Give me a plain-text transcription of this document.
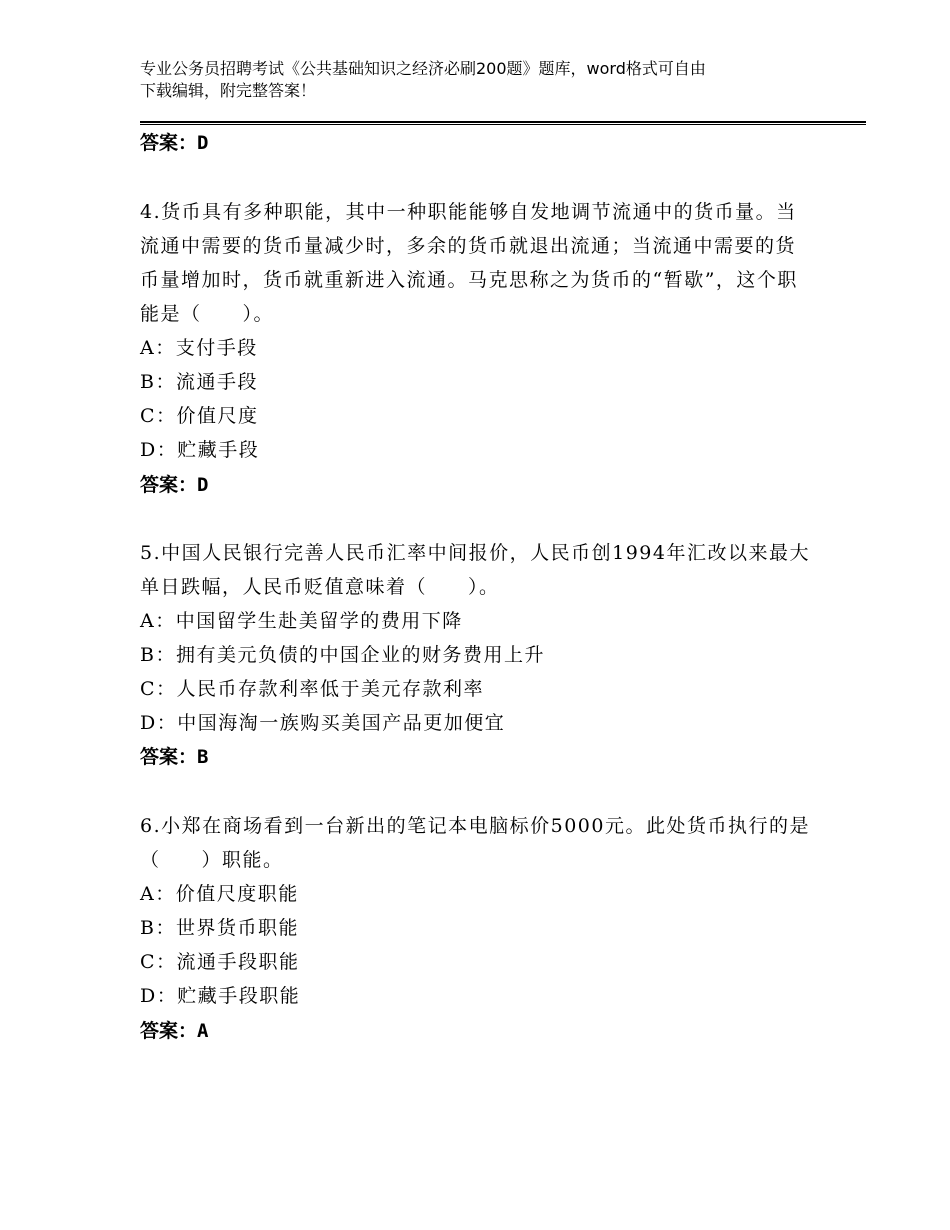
专业公务员招聘考试《公共基础知识之经济必刷200题》题库，word格式可自由
下载编辑，附完整答案！
答案：D

4.货币具有多种职能，其中一种职能能够自发地调节流通中的货币量。当流通中需要的货币量减少时，多余的货币就退出流通；当流通中需要的货币量增加时，货币就重新进入流通。马克思称之为货币的“暂歇”，这个职能是（　　）。

A：支付手段

B：流通手段

C：价值尺度

D：贮藏手段

答案：D

5.中国人民银行完善人民币汇率中间报价，人民币创1994年汇改以来最大单日跌幅，人民币贬值意味着（　　）。

A：中国留学生赴美留学的费用下降

B：拥有美元负债的中国企业的财务费用上升

C：人民币存款利率低于美元存款利率

D：中国海淘一族购买美国产品更加便宜

答案：B

6.小郑在商场看到一台新出的笔记本电脑标价5000元。此处货币执行的是（　　）职能。

A：价值尺度职能

B：世界货币职能

C：流通手段职能

D：贮藏手段职能

答案：A
